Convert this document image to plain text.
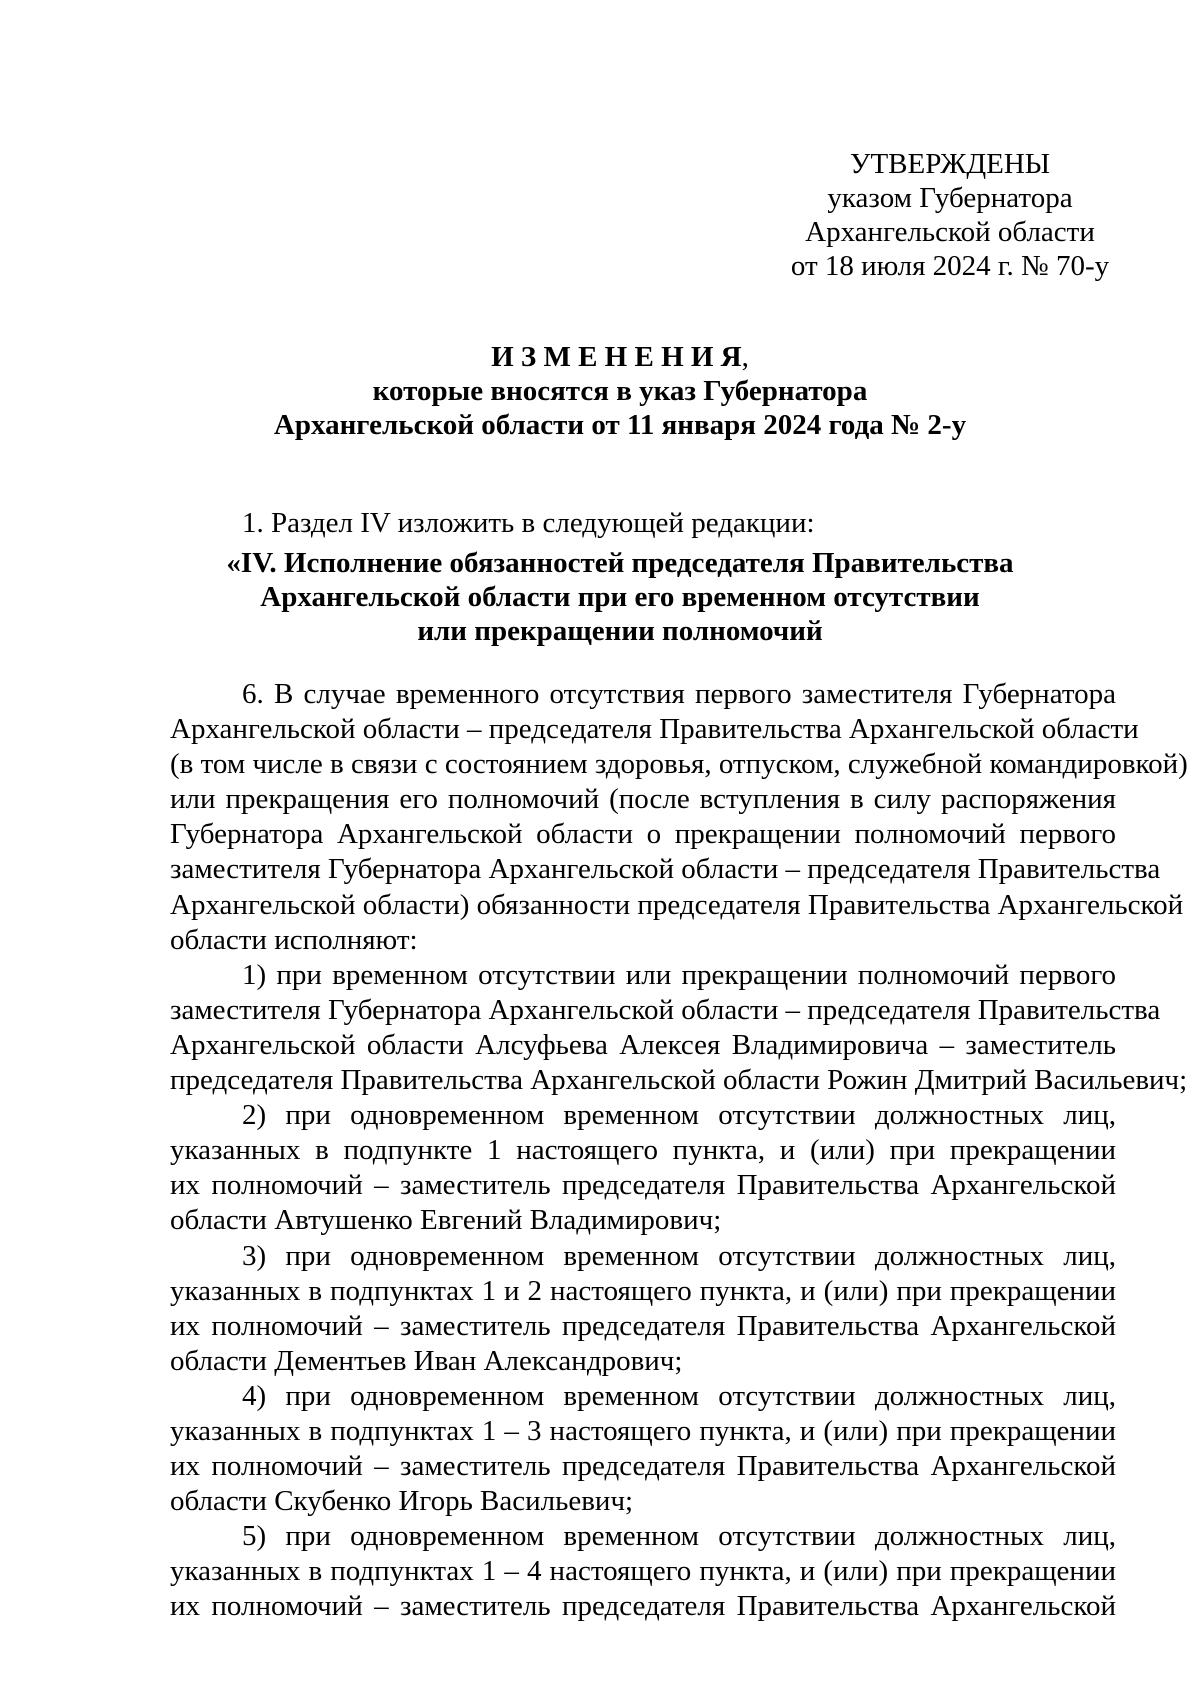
УТВЕРЖДЕНЫ
указом Губернатора
Архангельской области
от 18 июля 2024 г. № 70-у
И З М Е Н Е Н И Я,
которые вносятся в указ Губернатора
Архангельской области от 11 января 2024 года № 2-у
1. Раздел IV изложить в следующей редакции:
«IV. Исполнение обязанностей председателя Правительства
Архангельской области при его временном отсутствии
или прекращении полномочий
6. В случае временного отсутствия первого заместителя Губернатора
Архангельской области – председателя Правительства Архангельской области
(в том числе в связи с состоянием здоровья, отпуском, служебной командировкой)
или прекращения его полномочий (после вступления в силу распоряжения
Губернатора Архангельской области о прекращении полномочий первого
заместителя Губернатора Архангельской области – председателя Правительства
Архангельской области) обязанности председателя Правительства Архангельской
области исполняют:
1) при временном отсутствии или прекращении полномочий первого
заместителя Губернатора Архангельской области – председателя Правительства
Архангельской области Алсуфьева Алексея Владимировича – заместитель
председателя Правительства Архангельской области Рожин Дмитрий Васильевич;
2) при одновременном временном отсутствии должностных лиц,
указанных в подпункте 1 настоящего пункта, и (или) при прекращении
их полномочий – заместитель председателя Правительства Архангельской
области Автушенко Евгений Владимирович;
3) при одновременном временном отсутствии должностных лиц,
указанных в подпунктах 1 и 2 настоящего пункта, и (или) при прекращении
их полномочий – заместитель председателя Правительства Архангельской
области Дементьев Иван Александрович;
4) при одновременном временном отсутствии должностных лиц,
указанных в подпунктах 1 – 3 настоящего пункта, и (или) при прекращении
их полномочий – заместитель председателя Правительства Архангельской
области Скубенко Игорь Васильевич;
5) при одновременном временном отсутствии должностных лиц,
указанных в подпунктах 1 – 4 настоящего пункта, и (или) при прекращении
их полномочий – заместитель председателя Правительства Архангельской
